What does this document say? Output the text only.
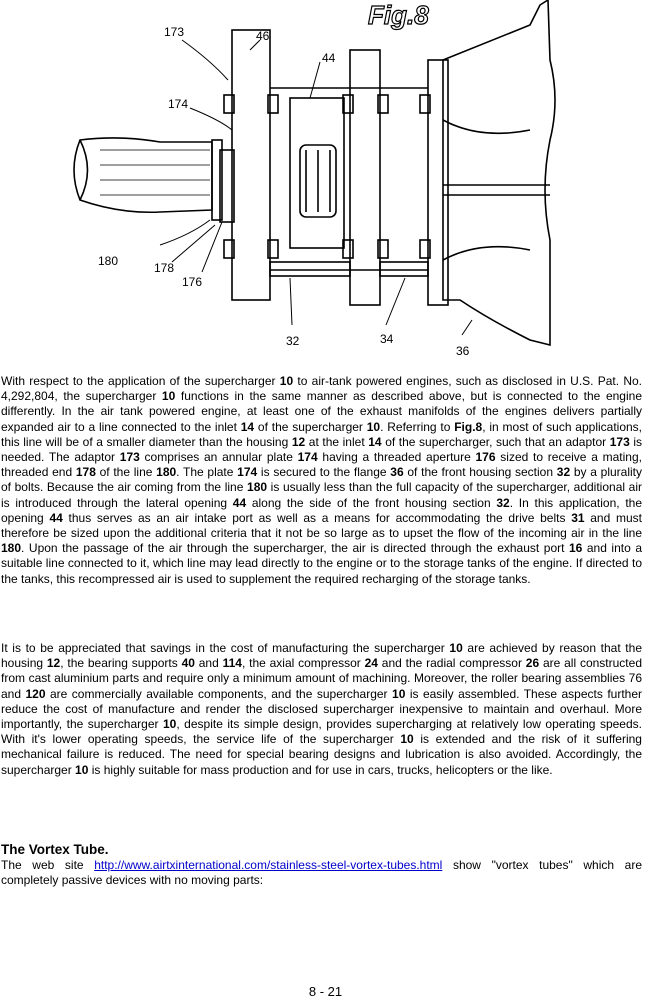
Fig.8
173	46
44
174
180	178
176
32	34
36

With respect to the application of the supercharger 10 to air-tank powered engines, such as disclosed in U.S. Pat. No. 4,292,804, the supercharger 10 functions in the same manner as described above, but is connected to the engine differently. In the air tank powered engine, at least one of the exhaust manifolds of the engines delivers partially expanded air to a line connected to the inlet 14 of the supercharger 10. Referring to Fig.8, in most of such applications, this line will be of a smaller diameter than the housing 12 at the inlet 14 of the supercharger, such that an adaptor 173 is needed. The adaptor 173 comprises an annular plate 174 having a threaded aperture 176 sized to receive a mating, threaded end 178 of the line 180. The plate 174 is secured to the flange 36 of the front housing section 32 by a plurality of bolts. Because the air coming from the line 180 is usually less than the full capacity of the supercharger, additional air is introduced through the lateral opening 44 along the side of the front housing section 32. In this application, the opening 44 thus serves as an air intake port as well as a means for accommodating the drive belts 31 and must therefore be sized upon the additional criteria that it not be so large as to upset the flow of the incoming air in the line 180. Upon the passage of the air through the supercharger, the air is directed through the exhaust port 16 and into a suitable line connected to it, which line may lead directly to the engine or to the storage tanks of the engine. If directed to the tanks, this recompressed air is used to supplement the required recharging of the storage tanks.

It is to be appreciated that savings in the cost of manufacturing the supercharger 10 are achieved by reason that the housing 12, the bearing supports 40 and 114, the axial compressor 24 and the radial compressor 26 are all constructed from cast aluminium parts and require only a minimum amount of machining. Moreover, the roller bearing assemblies 76 and 120 are commercially available components, and the supercharger 10 is easily assembled. These aspects further reduce the cost of manufacture and render the disclosed supercharger inexpensive to maintain and overhaul. More importantly, the supercharger 10, despite its simple design, provides supercharging at relatively low operating speeds. With it's lower operating speeds, the service life of the supercharger 10 is extended and the risk of it suffering mechanical failure is reduced. The need for special bearing designs and lubrication is also avoided. Accordingly, the supercharger 10 is highly suitable for mass production and for use in cars, trucks, helicopters or the like.

The Vortex Tube.

The web site http://www.airtxinternational.com/stainless-steel-vortex-tubes.html show "vortex tubes" which are completely passive devices with no moving parts:

8 - 21
